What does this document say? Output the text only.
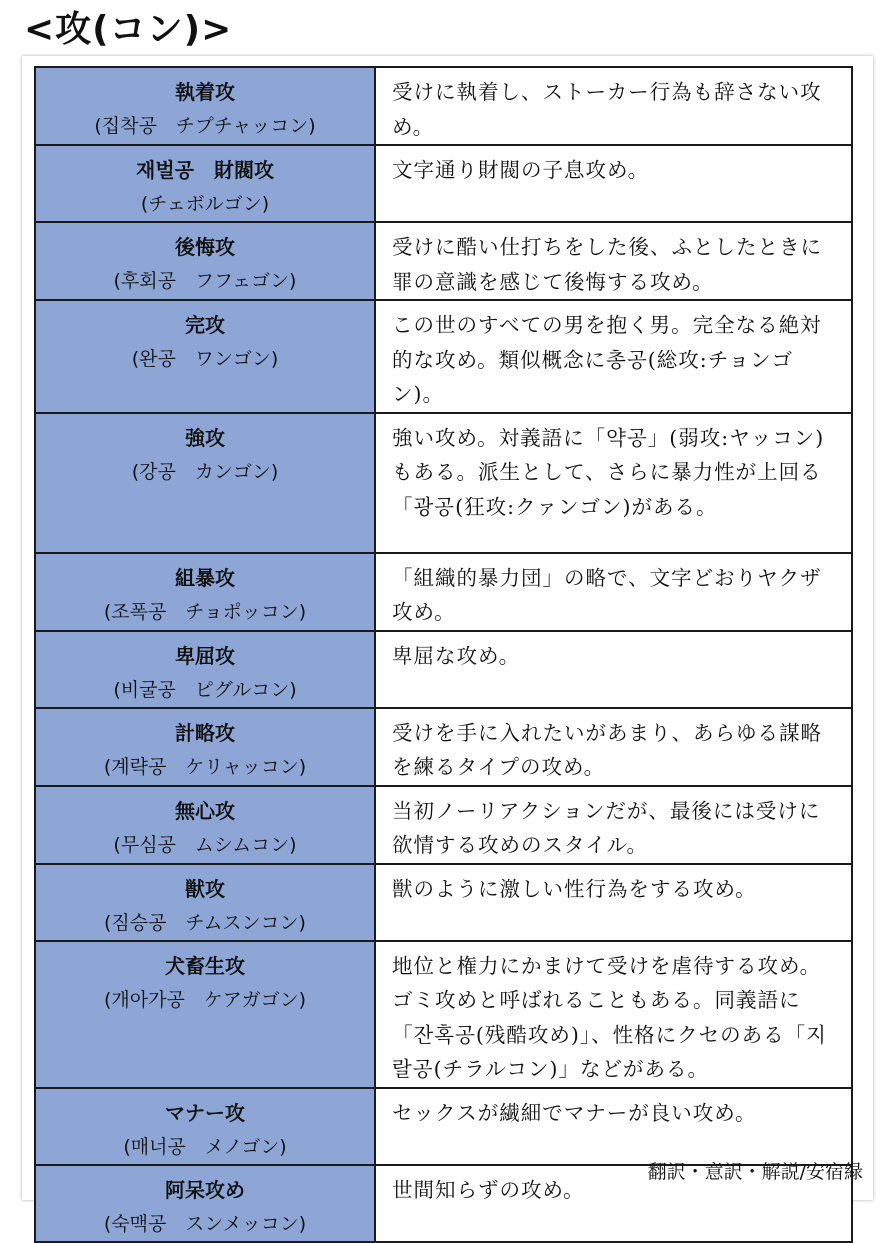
<攻(コン)>
執着攻
(집착공　チプチャッコン)	受けに執着し、ストーカー行為も辞さない攻め。

재벌공　財閥攻
(チェボルゴン)	文字通り財閥の子息攻め。

後悔攻
(후회공　フフェゴン)	受けに酷い仕打ちをした後、ふとしたときに罪の意識を感じて後悔する攻め。

完攻
(완공　ワンゴン)	この世のすべての男を抱く男。完全なる絶対的な攻め。類似概念に총공(総攻:チョンゴン)。

強攻
(강공　カンゴン)	強い攻め。対義語に「약공」(弱攻:ヤッコン)もある。派生として、さらに暴力性が上回る「광공(狂攻:クァンゴン)がある。

組暴攻
(조폭공　チョポッコン)	「組織的暴力団」の略で、文字どおりヤクザ攻め。

卑屈攻
(비굴공　ピグルコン)	卑屈な攻め。

計略攻
(계략공　ケリャッコン)	受けを手に入れたいがあまり、あらゆる謀略を練るタイプの攻め。

無心攻
(무심공　ムシムコン)	当初ノーリアクションだが、最後には受けに欲情する攻めのスタイル。

獣攻
(짐승공　チムスンコン)	獣のように激しい性行為をする攻め。

犬畜生攻
(개아가공　ケアガゴン)	地位と権力にかまけて受けを虐待する攻め。ゴミ攻めと呼ばれることもある。同義語に「잔혹공(残酷攻め)」、性格にクセのある「지랄공(チラルコン)」などがある。

マナー攻
(매너공　メノゴン)	セックスが繊細でマナーが良い攻め。

阿呆攻め
(숙맥공　スンメッコン)	世間知らずの攻め。
翻訳・意訳・解説/安宿緑
